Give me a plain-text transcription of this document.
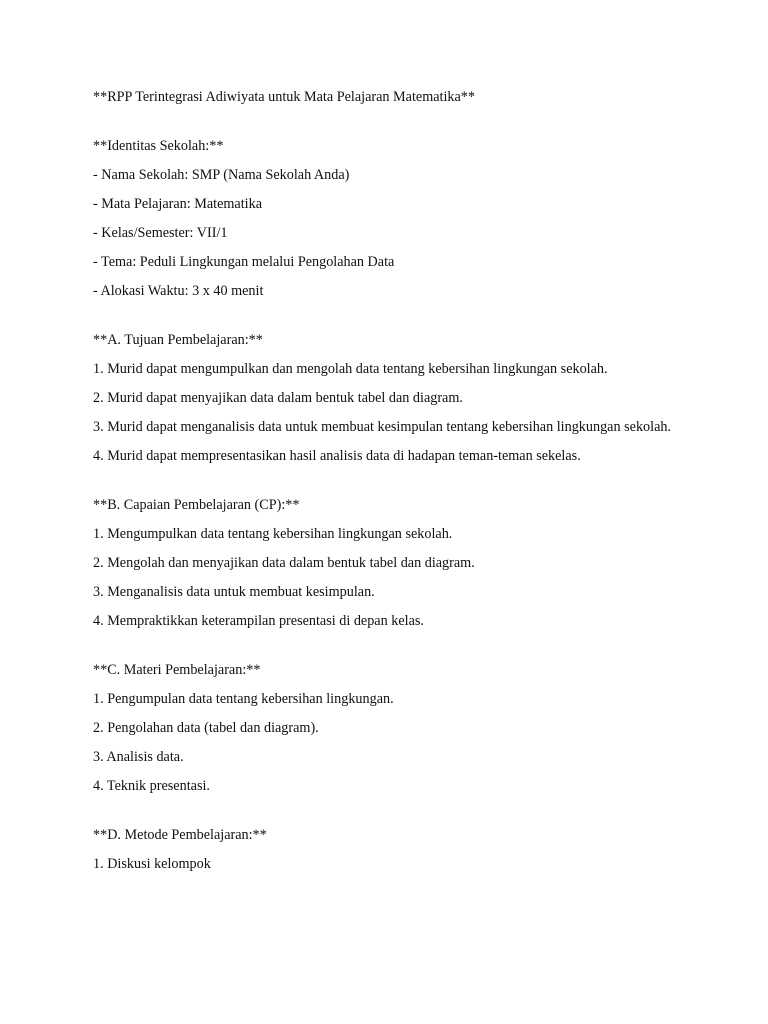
**RPP Terintegrasi Adiwiyata untuk Mata Pelajaran Matematika**

**Identitas Sekolah:**

- Nama Sekolah: SMP (Nama Sekolah Anda)

- Mata Pelajaran: Matematika

- Kelas/Semester: VII/1

- Tema: Peduli Lingkungan melalui Pengolahan Data

- Alokasi Waktu: 3 x 40 menit

**A. Tujuan Pembelajaran:**

1. Murid dapat mengumpulkan dan mengolah data tentang kebersihan lingkungan sekolah.

2. Murid dapat menyajikan data dalam bentuk tabel dan diagram.

3. Murid dapat menganalisis data untuk membuat kesimpulan tentang kebersihan lingkungan sekolah.

4. Murid dapat mempresentasikan hasil analisis data di hadapan teman-teman sekelas.

**B. Capaian Pembelajaran (CP):**

1. Mengumpulkan data tentang kebersihan lingkungan sekolah.

2. Mengolah dan menyajikan data dalam bentuk tabel dan diagram.

3. Menganalisis data untuk membuat kesimpulan.

4. Mempraktikkan keterampilan presentasi di depan kelas.

**C. Materi Pembelajaran:**

1. Pengumpulan data tentang kebersihan lingkungan.

2. Pengolahan data (tabel dan diagram).

3. Analisis data.

4. Teknik presentasi.

**D. Metode Pembelajaran:**

1. Diskusi kelompok
